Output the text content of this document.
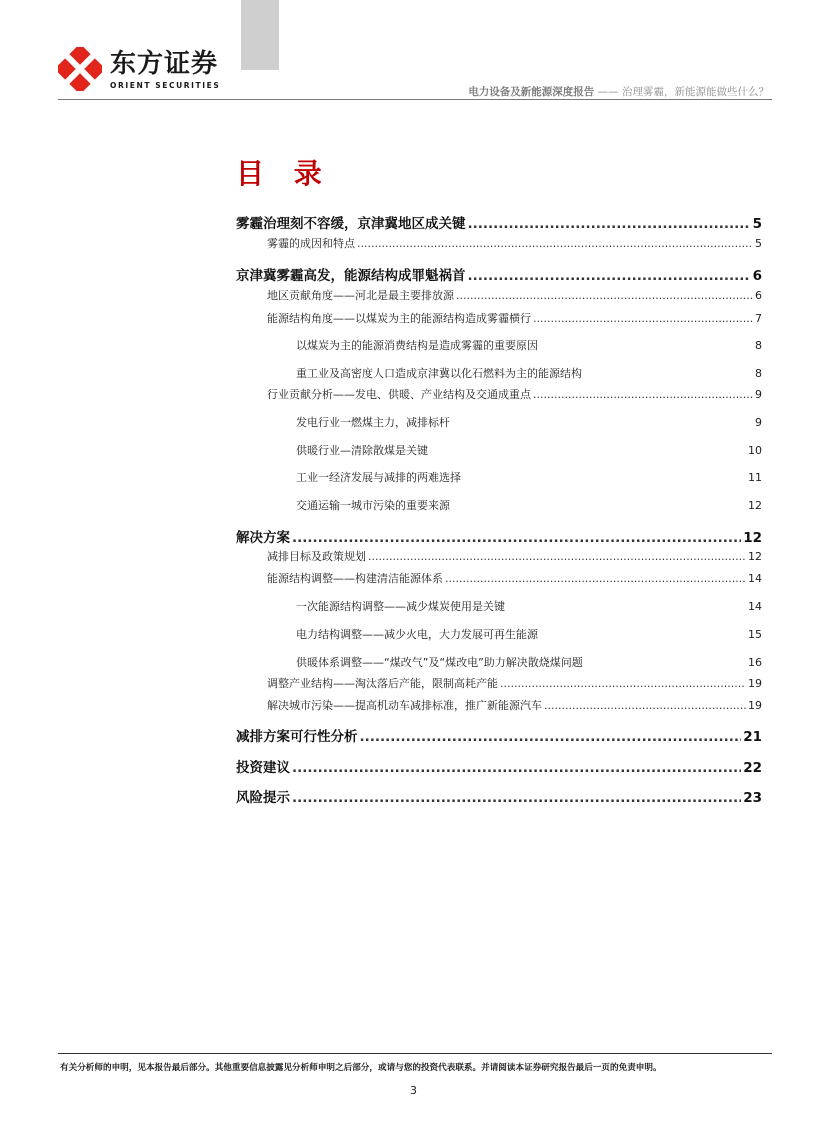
东方证券
ORIENT SECURITIES
电力设备及新能源深度报告 —— 治理雾霾，新能源能做些什么？
目 录
雾霾治理刻不容缓，京津冀地区成关键 .....	5
雾霾的成因和特点 .....	5
京津冀雾霾高发，能源结构成罪魁祸首 .....	6
地区贡献角度——河北是最主要排放源 .....	6
能源结构角度——以煤炭为主的能源结构造成雾霾横行 .....	7
以煤炭为主的能源消费结构是造成雾霾的重要原因	8
重工业及高密度人口造成京津冀以化石燃料为主的能源结构	8
行业贡献分析——发电、供暖、产业结构及交通成重点 .....	9
发电行业一燃煤主力，减排标杆	9
供暖行业—清除散煤是关键	10
工业一经济发展与减排的两难选择	11
交通运输一城市污染的重要来源	12
解决方案 .....	12
减排目标及政策规划 .....	12
能源结构调整——构建清洁能源体系 .....	14
一次能源结构调整——减少煤炭使用是关键	14
电力结构调整——减少火电，大力发展可再生能源	15
供暖体系调整——“煤改气”及“煤改电”助力解决散烧煤问题	16
调整产业结构——淘汰落后产能，限制高耗产能 .....	19
解决城市污染——提高机动车减排标准，推广新能源汽车 .....	19
减排方案可行性分析 .....	21
投资建议 .....	22
风险提示 .....	23
有关分析师的申明，见本报告最后部分。其他重要信息披露见分析师申明之后部分，或请与您的投资代表联系。并请阅读本证券研究报告最后一页的免责申明。
3
